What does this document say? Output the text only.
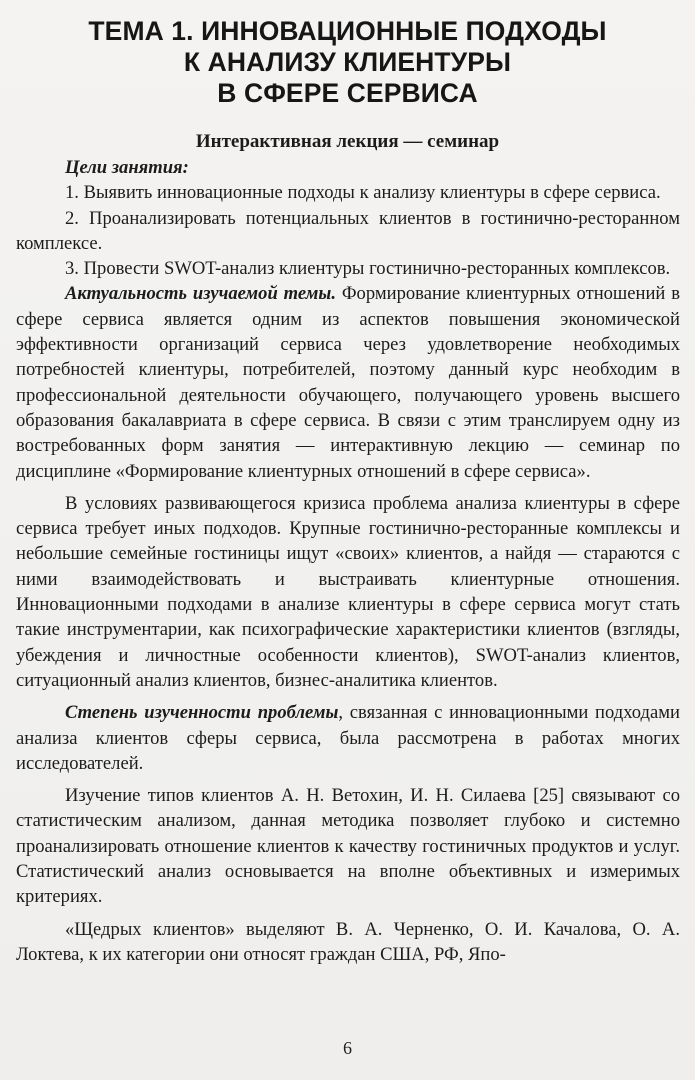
ТЕМА 1. ИННОВАЦИОННЫЕ ПОДХОДЫ
К АНАЛИЗУ КЛИЕНТУРЫ
В СФЕРЕ СЕРВИСА
Интерактивная лекция — семинар

Цели занятия:

1. Выявить инновационные подходы к анализу клиентуры в сфере сервиса.

2. Проанализировать потенциальных клиентов в гостинично-ресторанном комплексе.

3. Провести SWOT-анализ клиентуры гостинично-ресторанных комплексов.

Актуальность изучаемой темы. Формирование клиентурных отношений в сфере сервиса является одним из аспектов повышения экономической эффективности организаций сервиса через удовлетворение необходимых потребностей клиентуры, потребителей, поэтому данный курс необходим в профессиональной деятельности обучающего, получающего уровень высшего образования бакалавриата в сфере сервиса. В связи с этим транслируем одну из востребованных форм занятия — интерактивную лекцию — семинар по дисциплине «Формирование клиентурных отношений в сфере сервиса».

В условиях развивающегося кризиса проблема анализа клиентуры в сфере сервиса требует иных подходов. Крупные гостинично-ресторанные комплексы и небольшие семейные гостиницы ищут «своих» клиентов, а найдя — стараются с ними взаимодействовать и выстраивать клиентурные отношения. Инновационными подходами в анализе клиентуры в сфере сервиса могут стать такие инструментарии, как психографические характеристики клиентов (взгляды, убеждения и личностные особенности клиентов), SWOT-анализ клиентов, ситуационный анализ клиентов, бизнес-аналитика клиентов.

Степень изученности проблемы, связанная с инновационными подходами анализа клиентов сферы сервиса, была рассмотрена в работах многих исследователей.

Изучение типов клиентов А. Н. Ветохин, И. Н. Силаева [25] связывают со статистическим анализом, данная методика позволяет глубоко и системно проанализировать отношение клиентов к качеству гостиничных продуктов и услуг. Статистический анализ основывается на вполне объективных и измеримых критериях.

«Щедрых клиентов» выделяют В. А. Черненко, О. И. Качалова, О. А. Локтева, к их категории они относят граждан США, РФ, Япо-

6
